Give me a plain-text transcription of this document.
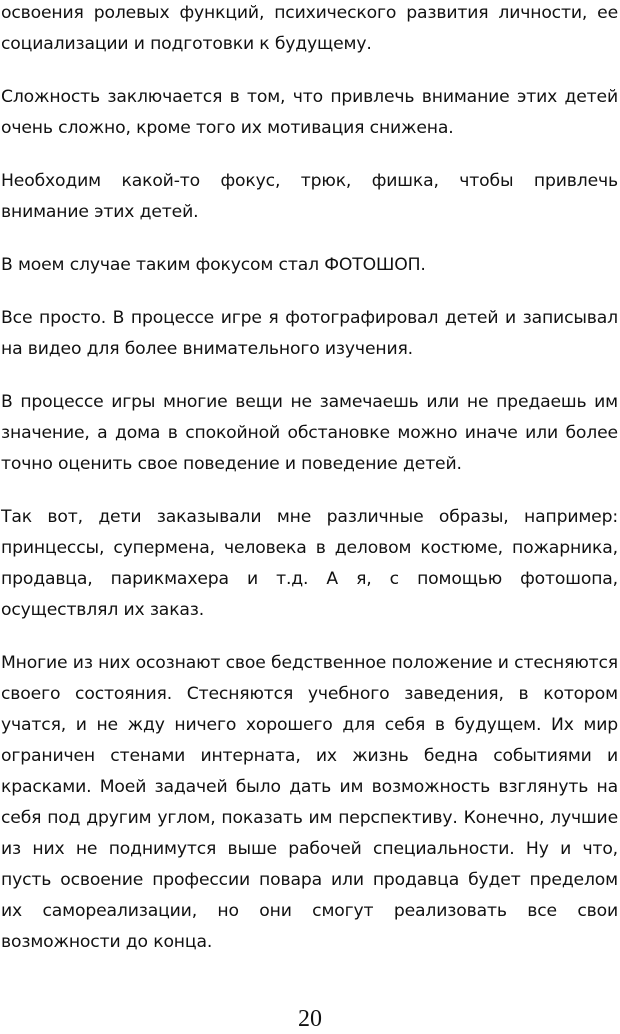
освоения ролевых функций, психического развития личности, ее социализации и подготовки к будущему.

Сложность заключается в том, что привлечь внимание этих детей очень сложно, кроме того их мотивация снижена.

Необходим какой-то фокус, трюк, фишка, чтобы привлечь внимание этих детей.

В моем случае таким фокусом стал ФОТОШОП.

Все просто. В процессе игре я фотографировал детей и записывал на видео для более внимательного изучения.

В процессе игры многие вещи не замечаешь или не предаешь им значение, а дома в спокойной обстановке можно иначе или более точно оценить свое поведение и поведение детей.

Так вот, дети заказывали мне различные образы, например: принцессы, супермена, человека в деловом костюме, пожарника, продавца, парикмахера и т.д. А я, с помощью фотошопа, осуществлял их заказ.

Многие из них осознают свое бедственное положение и стесняются своего состояния. Стесняются учебного заведения, в котором учатся, и не жду ничего хорошего для себя в будущем. Их мир ограничен стенами интерната, их жизнь бедна событиями и красками. Моей задачей было дать им возможность взглянуть на себя под другим углом, показать им перспективу. Конечно, лучшие из них не поднимутся выше рабочей специальности. Ну и что, пусть освоение профессии повара или продавца будет пределом их самореализации, но они смогут реализовать все свои возможности до конца.

20
